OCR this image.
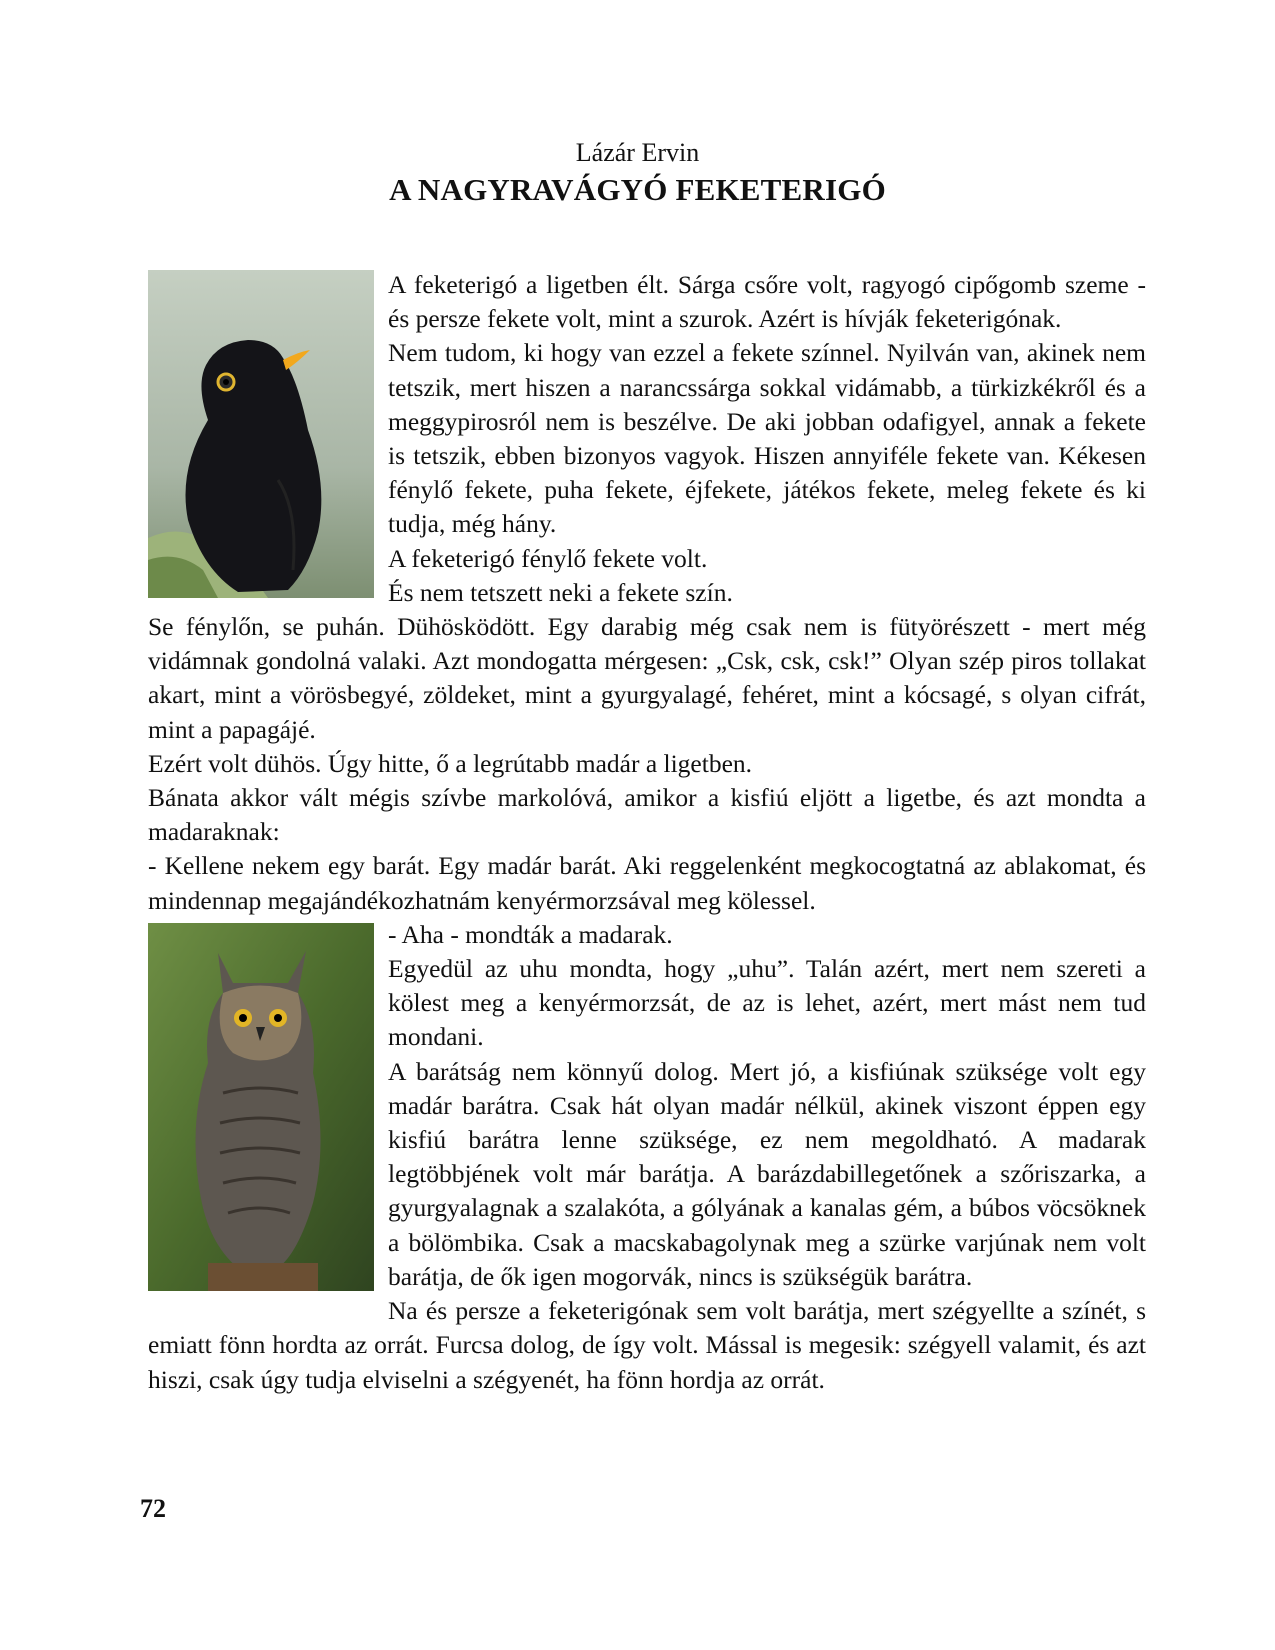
Lázár Ervin
A NAGYRAVÁGYÓ FEKETERIGÓ

A feketerigó a ligetben élt. Sárga csőre volt, ragyogó cipőgomb szeme - és persze fekete volt, mint a szurok. Azért is hívják feketerigónak.

Nem tudom, ki hogy van ezzel a fekete színnel. Nyilván van, akinek nem tetszik, mert hiszen a narancssárga sokkal vidámabb, a türkizkékről és a meggypirosról nem is beszélve. De aki jobban odafigyel, annak a fekete is tetszik, ebben bizonyos vagyok. Hiszen annyiféle fekete van. Kékesen fénylő fekete, puha fekete, éjfekete, játékos fekete, meleg fekete és ki tudja, még hány.

A feketerigó fénylő fekete volt.

És nem tetszett neki a fekete szín.

Se fénylőn, se puhán. Dühösködött. Egy darabig még csak nem is fütyörészett - mert még vidámnak gondolná valaki. Azt mondogatta mérgesen: „Csk, csk, csk!” Olyan szép piros tollakat akart, mint a vörösbegyé, zöldeket, mint a gyurgyalagé, fehéret, mint a kócsagé, s olyan cifrát, mint a papagájé.

Ezért volt dühös. Úgy hitte, ő a legrútabb madár a ligetben.

Bánata akkor vált mégis szívbe markolóvá, amikor a kisfiú eljött a ligetbe, és azt mondta a madaraknak:

- Kellene nekem egy barát. Egy madár barát. Aki reggelenként megkocogtatná az ablakomat, és mindennap megajándékozhatnám kenyérmorzsával meg kölessel.

- Aha - mondták a madarak.

Egyedül az uhu mondta, hogy „uhu”. Talán azért, mert nem szereti a kölest meg a kenyérmorzsát, de az is lehet, azért, mert mást nem tud mondani.

A barátság nem könnyű dolog. Mert jó, a kisfiúnak szüksége volt egy madár barátra. Csak hát olyan madár nélkül, akinek viszont éppen egy kisfiú barátra lenne szüksége, ez nem megoldható. A madarak legtöbbjének volt már barátja. A barázdabillegetőnek a szőriszarka, a gyurgyalagnak a szalakóta, a gólyának a kanalas gém, a búbos vöcsöknek a bölömbika. Csak a macskabagolynak meg a szürke varjúnak nem volt barátja, de ők igen mogorvák, nincs is szükségük barátra.

Na és persze a feketerigónak sem volt barátja, mert szégyellte a színét, s emiatt fönn hordta az orrát. Furcsa dolog, de így volt. Mással is megesik: szégyell valamit, és azt hiszi, csak úgy tudja elviselni a szégyenét, ha fönn hordja az orrát.

72
